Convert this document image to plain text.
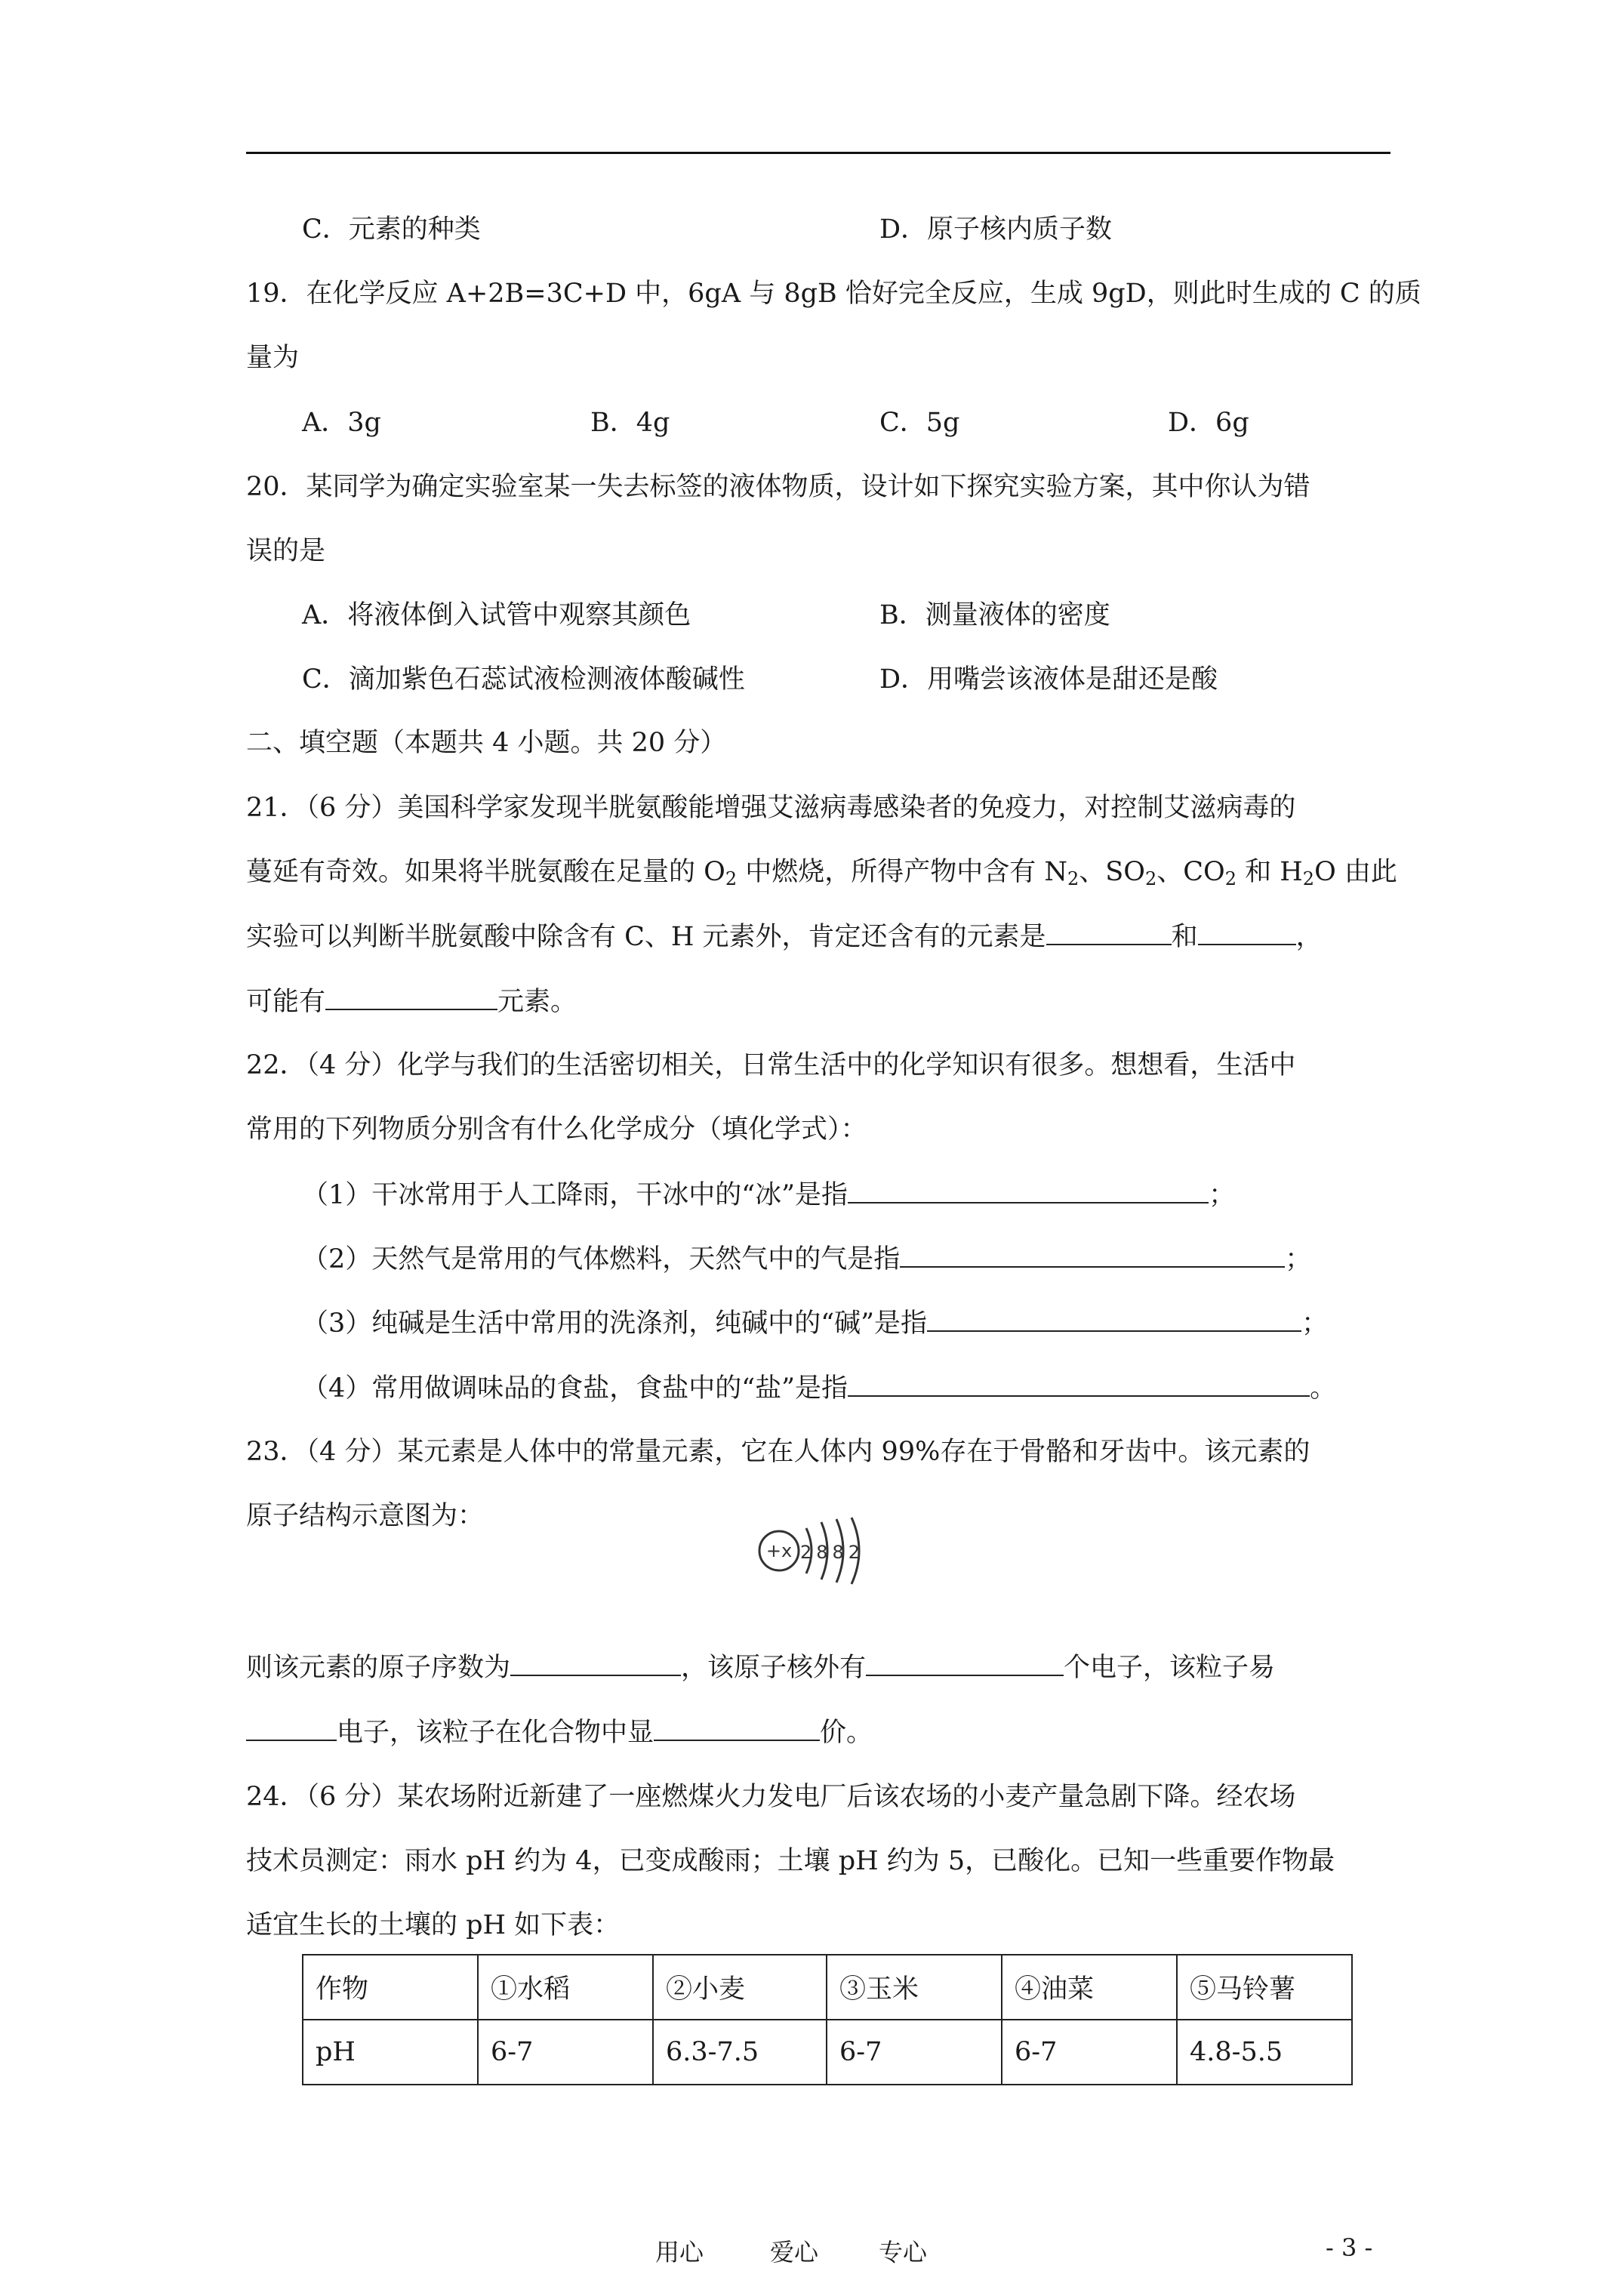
C．元素的种类	D．原子核内质子数
19．在化学反应 A+2B=3C+D 中，6gA 与 8gB 恰好完全反应，生成 9gD，则此时生成的 C 的质
量为
A．3g	B．4g	C．5g	D．6g
20．某同学为确定实验室某一失去标签的液体物质，设计如下探究实验方案，其中你认为错
误的是
A．将液体倒入试管中观察其颜色	B．测量液体的密度
C．滴加紫色石蕊试液检测液体酸碱性	D．用嘴尝该液体是甜还是酸
二、填空题（本题共 4 小题。共 20 分）
21．（6 分）美国科学家发现半胱氨酸能增强艾滋病毒感染者的免疫力，对控制艾滋病毒的
蔓延有奇效。如果将半胱氨酸在足量的 $O_2$ 中燃烧，所得产物中含有 $N_2$、$SO_2$、$CO_2$ 和 $H_2O$ 由此
实验可以判断半胱氨酸中除含有 C、H 元素外，肯定还含有的元素是	和	，
可能有	元素。
22．（4 分）化学与我们的生活密切相关，日常生活中的化学知识有很多。想想看，生活中
常用的下列物质分别含有什么化学成分（填化学式）：
（1）干冰常用于人工降雨，干冰中的“冰”是指	；
（2）天然气是常用的气体燃料，天然气中的气是指	；
（3）纯碱是生活中常用的洗涤剂，纯碱中的“碱”是指	；
（4）常用做调味品的食盐，食盐中的“盐”是指	。
23．（4 分）某元素是人体中的常量元素，它在人体内 99%存在于骨骼和牙齿中。该元素的
原子结构示意图为：
+x 2882
则该元素的原子序数为	，该原子核外有	个电子，该粒子易
电子，该粒子在化合物中显	价。
24．（6 分）某农场附近新建了一座燃煤火力发电厂后该农场的小麦产量急剧下降。经农场
技术员测定：雨水 pH 约为 4，已变成酸雨；土壤 pH 约为 5，已酸化。已知一些重要作物最
适宜生长的土壤的 pH 如下表：
作物	①水稻	②小麦	③玉米	④油菜	⑤马铃薯
pH	6-7	6.3-7.5	6-7	6-7	4.8-5.5
用心	爱心 专心	- 3 -
